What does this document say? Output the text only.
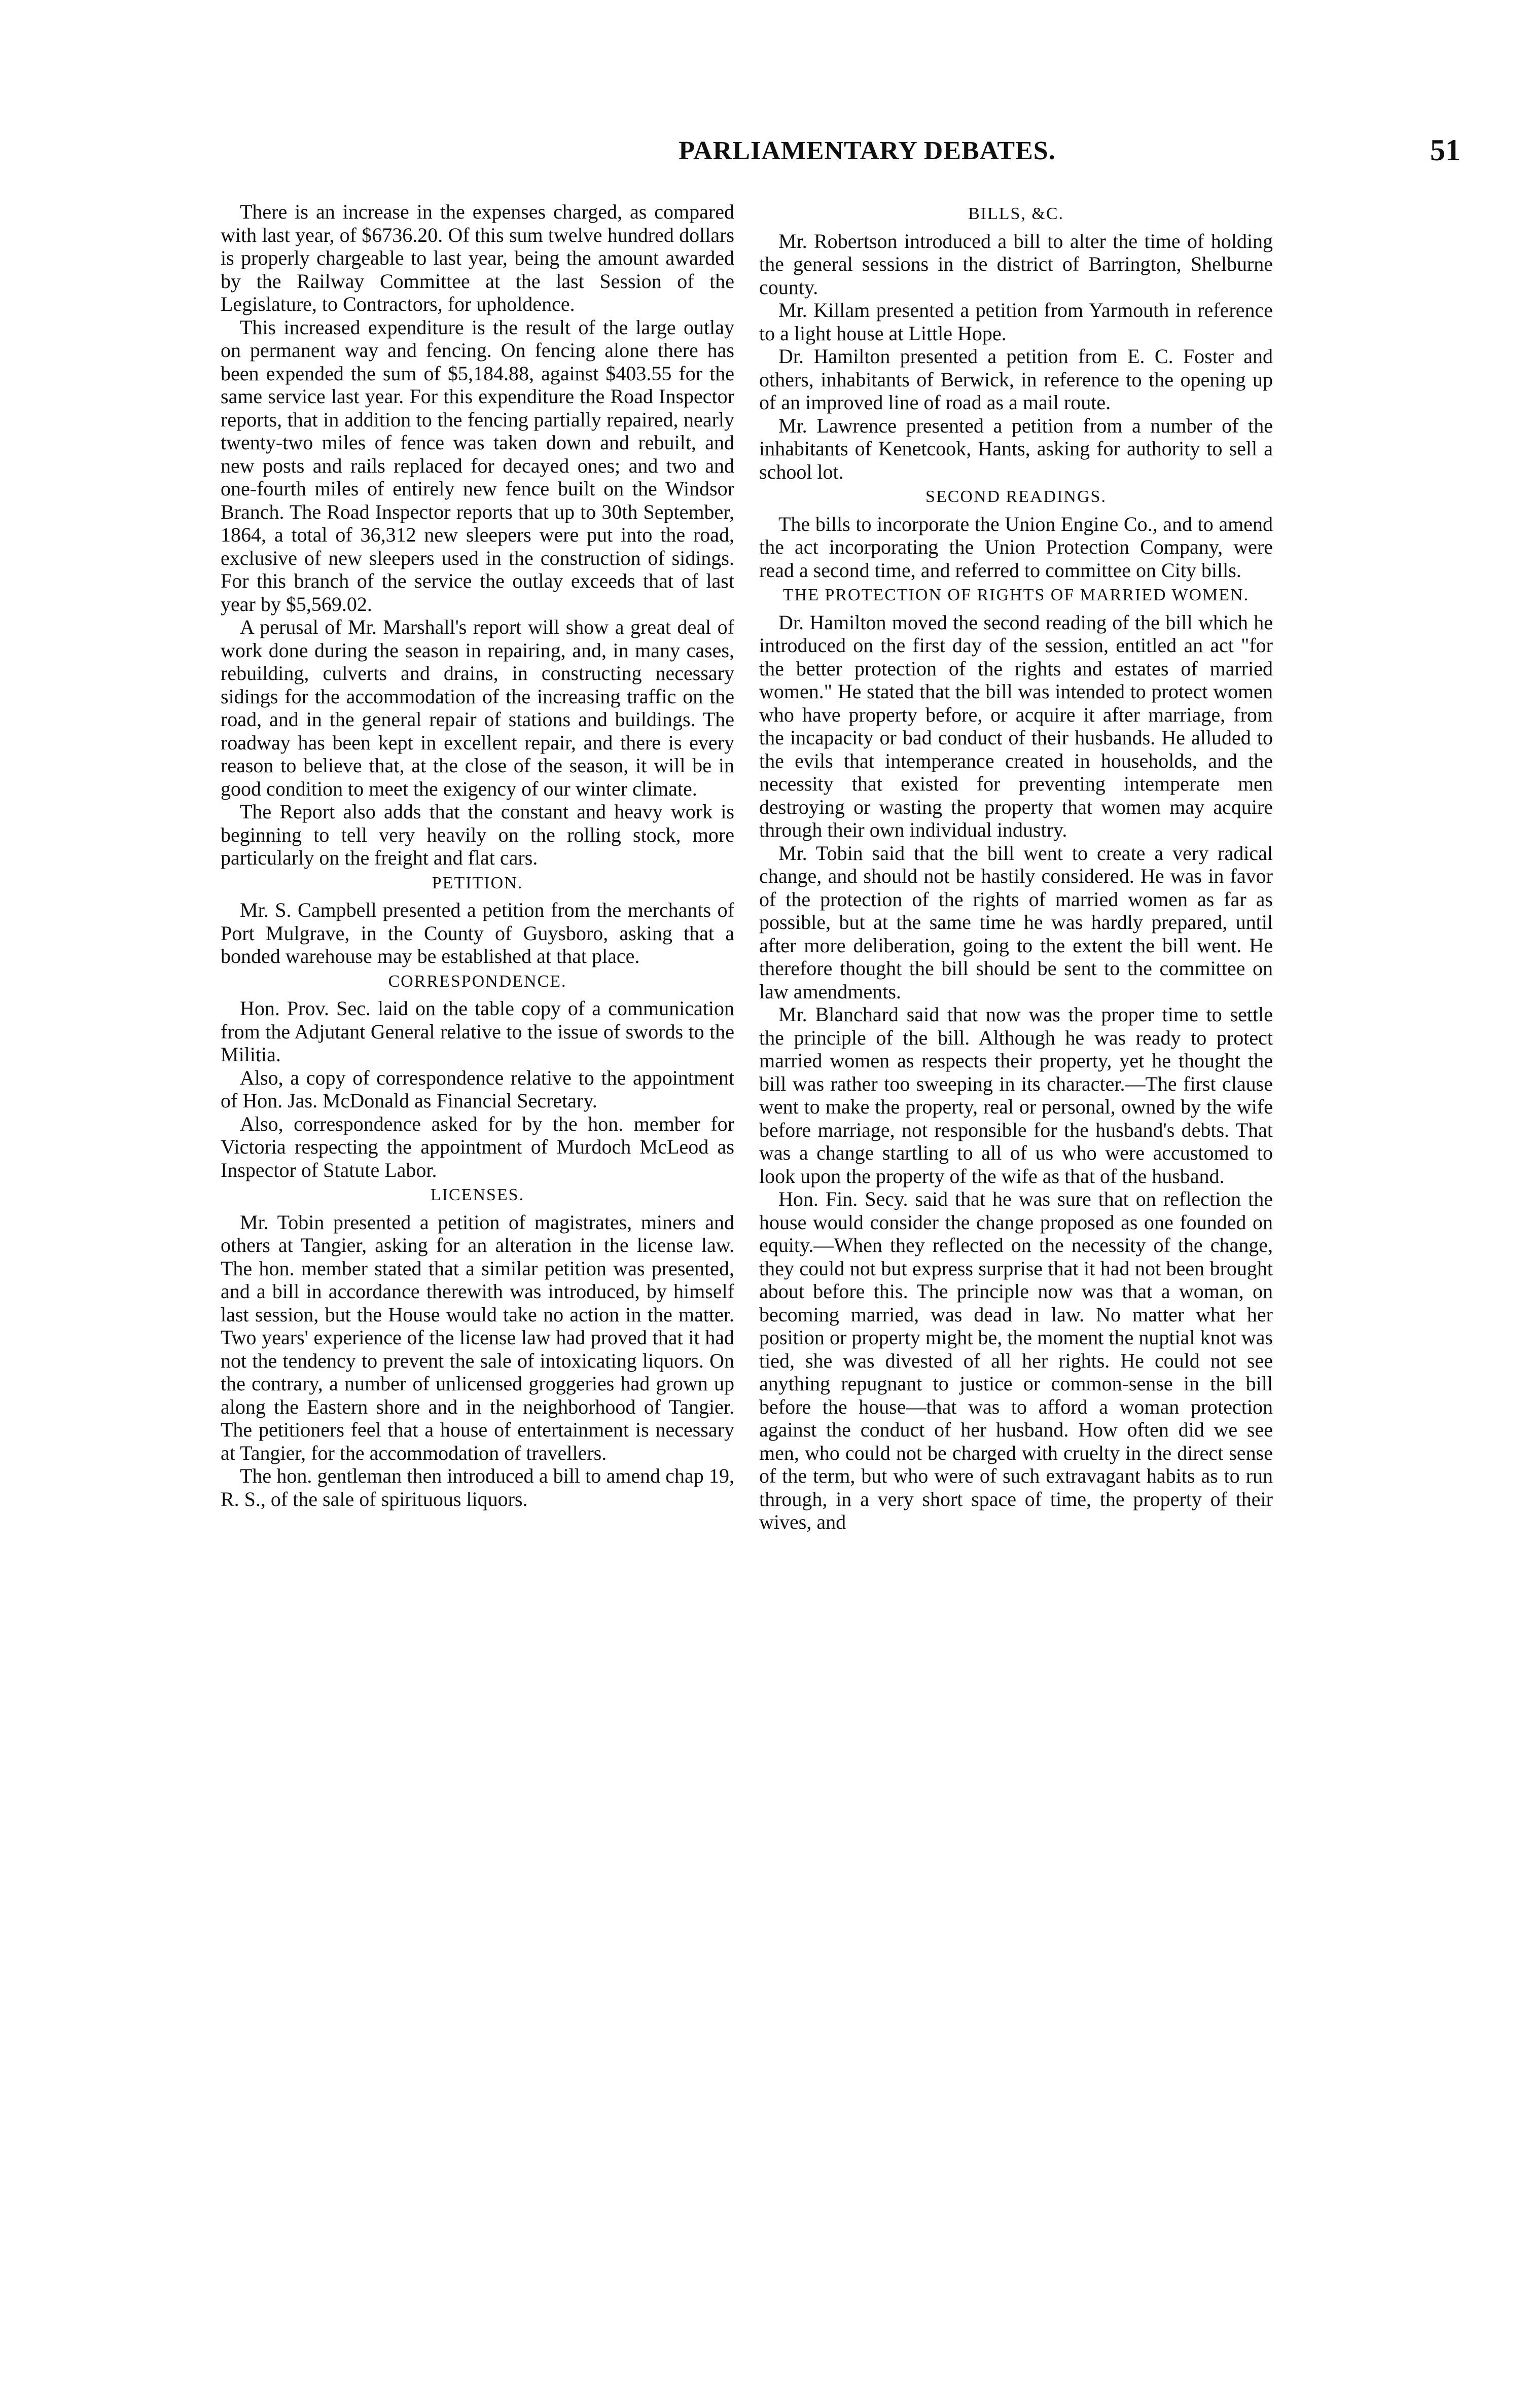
PARLIAMENTARY DEBATES.	51

There is an increase in the expenses charged, as compared with last year, of $6736.20. Of this sum twelve hundred dollars is properly chargeable to last year, being the amount awarded by the Railway Committee at the last Session of the Legislature, to Contractors, for upholdence.

This increased expenditure is the result of the large outlay on permanent way and fencing. On fencing alone there has been expended the sum of $5,184.88, against $403.55 for the same service last year. For this expenditure the Road Inspector reports, that in addition to the fencing partially repaired, nearly twenty-two miles of fence was taken down and rebuilt, and new posts and rails replaced for decayed ones; and two and one-fourth miles of entirely new fence built on the Windsor Branch. The Road Inspector reports that up to 30th September, 1864, a total of 36,312 new sleepers were put into the road, exclusive of new sleepers used in the construction of sidings. For this branch of the service the outlay exceeds that of last year by $5,569.02.

A perusal of Mr. Marshall's report will show a great deal of work done during the season in repairing, and, in many cases, rebuilding, culverts and drains, in constructing necessary sidings for the accommodation of the increasing traffic on the road, and in the general repair of stations and buildings. The roadway has been kept in excellent repair, and there is every reason to believe that, at the close of the season, it will be in good condition to meet the exigency of our winter climate.

The Report also adds that the constant and heavy work is beginning to tell very heavily on the rolling stock, more particularly on the freight and flat cars.

PETITION.

Mr. S. Campbell presented a petition from the merchants of Port Mulgrave, in the County of Guysboro, asking that a bonded warehouse may be established at that place.

CORRESPONDENCE.

Hon. Prov. Sec. laid on the table copy of a communication from the Adjutant General relative to the issue of swords to the Militia.

Also, a copy of correspondence relative to the appointment of Hon. Jas. McDonald as Financial Secretary.

Also, correspondence asked for by the hon. member for Victoria respecting the appointment of Murdoch McLeod as Inspector of Statute Labor.

LICENSES.

Mr. Tobin presented a petition of magistrates, miners and others at Tangier, asking for an alteration in the license law. The hon. member stated that a similar petition was presented, and a bill in accordance therewith was introduced, by himself last session, but the House would take no action in the matter. Two years' experience of the license law had proved that it had not the tendency to prevent the sale of intoxicating liquors. On the contrary, a number of unlicensed groggeries had grown up along the Eastern shore and in the neighborhood of Tangier. The petitioners feel that a house of entertainment is necessary at Tangier, for the accommodation of travellers.

The hon. gentleman then introduced a bill to amend chap 19, R. S., of the sale of spirituous liquors.

BILLS, &C.

Mr. Robertson introduced a bill to alter the time of holding the general sessions in the district of Barrington, Shelburne county.

Mr. Killam presented a petition from Yarmouth in reference to a light house at Little Hope.

Dr. Hamilton presented a petition from E. C. Foster and others, inhabitants of Berwick, in reference to the opening up of an improved line of road as a mail route.

Mr. Lawrence presented a petition from a number of the inhabitants of Kenetcook, Hants, asking for authority to sell a school lot.

SECOND READINGS.

The bills to incorporate the Union Engine Co., and to amend the act incorporating the Union Protection Company, were read a second time, and referred to committee on City bills.

THE PROTECTION OF RIGHTS OF MARRIED WOMEN.

Dr. Hamilton moved the second reading of the bill which he introduced on the first day of the session, entitled an act "for the better protection of the rights and estates of married women." He stated that the bill was intended to protect women who have property before, or acquire it after marriage, from the incapacity or bad conduct of their husbands. He alluded to the evils that intemperance created in households, and the necessity that existed for preventing intemperate men destroying or wasting the property that women may acquire through their own individual industry.

Mr. Tobin said that the bill went to create a very radical change, and should not be hastily considered. He was in favor of the protection of the rights of married women as far as possible, but at the same time he was hardly prepared, until after more deliberation, going to the extent the bill went. He therefore thought the bill should be sent to the committee on law amendments.

Mr. Blanchard said that now was the proper time to settle the principle of the bill. Although he was ready to protect married women as respects their property, yet he thought the bill was rather too sweeping in its character.—The first clause went to make the property, real or personal, owned by the wife before marriage, not responsible for the husband's debts. That was a change startling to all of us who were accustomed to look upon the property of the wife as that of the husband.

Hon. Fin. Secy. said that he was sure that on reflection the house would consider the change proposed as one founded on equity.—When they reflected on the necessity of the change, they could not but express surprise that it had not been brought about before this. The principle now was that a woman, on becoming married, was dead in law. No matter what her position or property might be, the moment the nuptial knot was tied, she was divested of all her rights. He could not see anything repugnant to justice or common-sense in the bill before the house—that was to afford a woman protection against the conduct of her husband. How often did we see men, who could not be charged with cruelty in the direct sense of the term, but who were of such extravagant habits as to run through, in a very short space of time, the property of their wives, and
